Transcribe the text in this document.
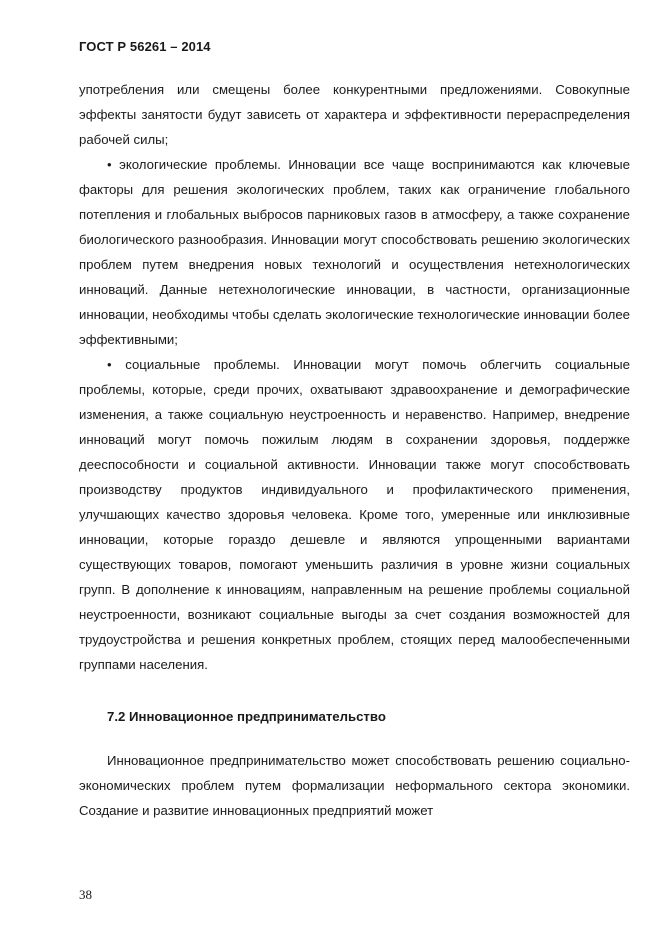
ГОСТ Р 56261 – 2014

употребления или смещены более конкурентными предложениями. Совокупные эффекты занятости будут зависеть от характера и эффективности перераспределения рабочей силы;

• экологические проблемы. Инновации все чаще воспринимаются как ключевые факторы для решения экологических проблем, таких как ограничение глобального потепления и глобальных выбросов парниковых газов в атмосферу, а также сохранение биологического разнообразия. Инновации могут способствовать решению экологических проблем путем внедрения новых технологий и осуществления нетехнологических инноваций. Данные нетехнологические инновации, в частности, организационные инновации, необходимы чтобы сделать экологические технологические инновации более эффективными;

• социальные проблемы. Инновации могут помочь облегчить социальные проблемы, которые, среди прочих, охватывают здравоохранение и демографические изменения, а также социальную неустроенность и неравенство. Например, внедрение инноваций могут помочь пожилым людям в сохранении здоровья, поддержке дееспособности и социальной активности. Инновации также могут способствовать производству продуктов индивидуального и профилактического применения, улучшающих качество здоровья человека. Кроме того, умеренные или инклюзивные инновации, которые гораздо дешевле и являются упрощенными вариантами существующих товаров, помогают уменьшить различия в уровне жизни социальных групп. В дополнение к инновациям, направленным на решение проблемы социальной неустроенности, возникают социальные выгоды за счет создания возможностей для трудоустройства и решения конкретных проблем, стоящих перед малообеспеченными группами населения.

7.2 Инновационное предпринимательство

Инновационное предпринимательство может способствовать решению социально-экономических проблем путем формализации неформального сектора экономики. Создание и развитие инновационных предприятий может

38
